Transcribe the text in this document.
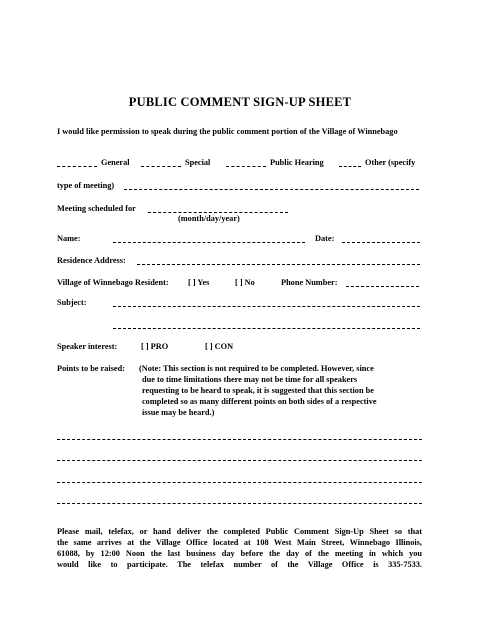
PUBLIC COMMENT SIGN-UP SHEET
I would like permission to speak during the public comment portion of the Village of Winnebago
General	Special	Public Hearing	Other (specify
type of meeting)
Meeting scheduled for
(month/day/year)
Name:	Date:
Residence Address:
Village of Winnebago Resident: [ ] Yes	[ ] No	Phone Number:
Subject:
Speaker interest:	[ ] PRO	[ ] CON
Points to be raised: (Note: This section is not required to be completed. However, since
due to time limitations there may not be time for all speakers
requesting to be heard to speak, it is suggested that this section be
completed so as many different points on both sides of a respective
issue may be heard.)
Please mail, telefax, or hand deliver the completed Public Comment Sign-Up Sheet so that
the same arrives at the Village Office located at 108 West Main Street, Winnebago Illinois,
61088, by 12:00 Noon the last business day before the day of the meeting in which you
would like to participate. The telefax number of the Village Office is 335-7533.
